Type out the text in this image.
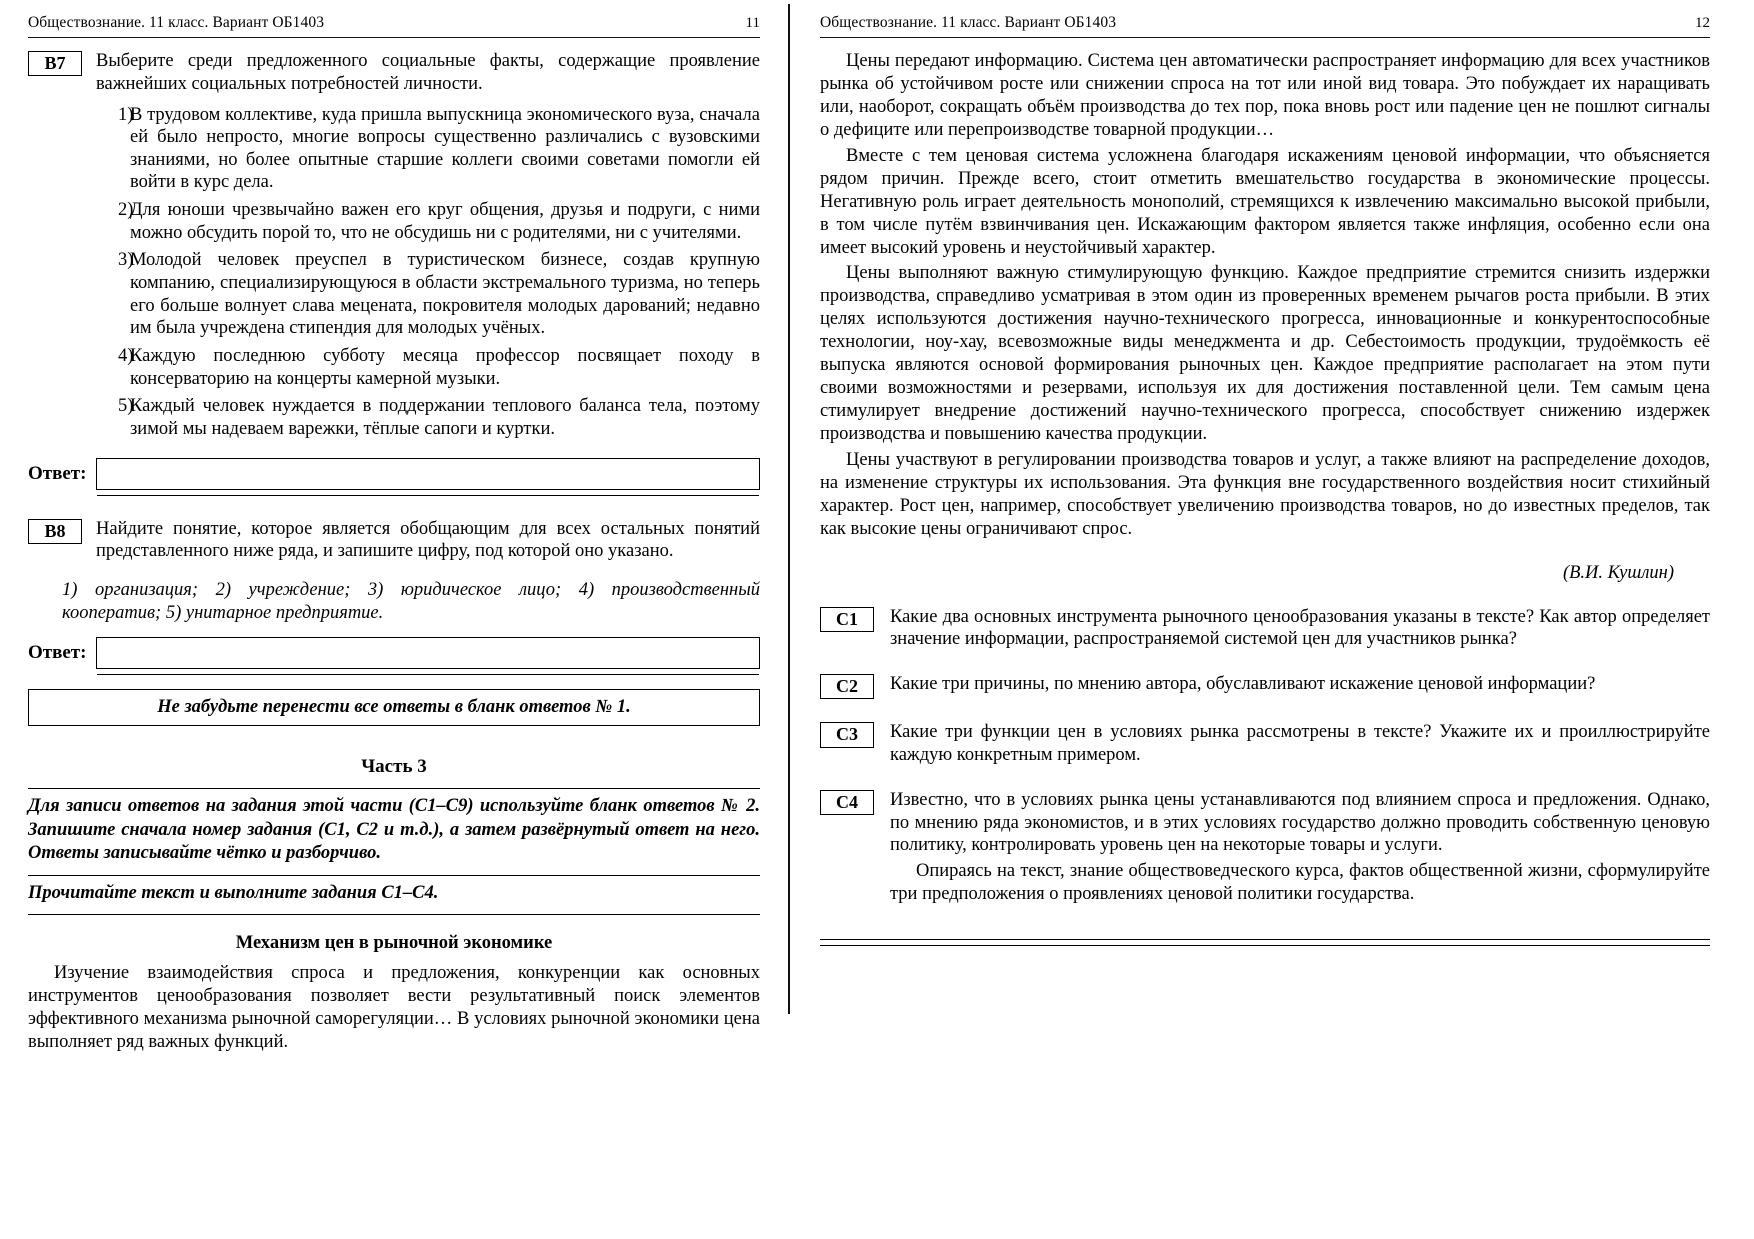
Обществознание. 11 класс. Вариант ОБ1403	11
В7	Выберите среди предложенного социальные факты, содержащие проявление важнейших социальных потребностей личности.
1)
В трудовом коллективе, куда пришла выпускница экономического вуза, сначала ей было непросто, многие вопросы существенно различались с вузовскими знаниями, но более опытные старшие коллеги своими советами помогли ей войти в курс дела.
2)
Для юноши чрезвычайно важен его круг общения, друзья и подруги, с ними можно обсудить порой то, что не обсудишь ни с родителями, ни с учителями.
3)
Молодой человек преуспел в туристическом бизнесе, создав крупную компанию, специализирующуюся в области экстремального туризма, но теперь его больше волнует слава мецената, покровителя молодых дарований; недавно им была учреждена стипендия для молодых учёных.
4)
Каждую последнюю субботу месяца профессор посвящает походу в консерваторию на концерты камерной музыки.
5)
Каждый человек нуждается в поддержании теплового баланса тела, поэтому зимой мы надеваем варежки, тёплые сапоги и куртки.
Ответ:
В8	Найдите понятие, которое является обобщающим для всех остальных понятий представленного ниже ряда, и запишите цифру, под которой оно указано.
1) организация; 2) учреждение; 3) юридическое лицо; 4) производственный кооператив; 5) унитарное предприятие.
Ответ:
Не забудьте перенести все ответы в бланк ответов № 1.
Часть 3
Для записи ответов на задания этой части (С1–С9) используйте бланк ответов № 2. Запишите сначала номер задания (С1, С2 и т.д.), а затем развёрнутый ответ на него. Ответы записывайте чётко и разборчиво.
Прочитайте текст и выполните задания С1–С4.
Механизм цен в рыночной экономике

Изучение взаимодействия спроса и предложения, конкуренции как основных инструментов ценообразования позволяет вести результативный поиск элементов эффективного механизма рыночной саморегуляции… В условиях рыночной экономики цена выполняет ряд важных функций.

Обществознание. 11 класс. Вариант ОБ1403	12

Цены передают информацию. Система цен автоматически распространяет информацию для всех участников рынка об устойчивом росте или снижении спроса на тот или иной вид товара. Это побуждает их наращивать или, наоборот, сокращать объём производства до тех пор, пока вновь рост или падение цен не пошлют сигналы о дефиците или перепроизводстве товарной продукции…

Вместе с тем ценовая система усложнена благодаря искажениям ценовой информации, что объясняется рядом причин. Прежде всего, стоит отметить вмешательство государства в экономические процессы. Негативную роль играет деятельность монополий, стремящихся к извлечению максимально высокой прибыли, в том числе путём взвинчивания цен. Искажающим фактором является также инфляция, особенно если она имеет высокий уровень и неустойчивый характер.

Цены выполняют важную стимулирующую функцию. Каждое предприятие стремится снизить издержки производства, справедливо усматривая в этом один из проверенных временем рычагов роста прибыли. В этих целях используются достижения научно-технического прогресса, инновационные и конкурентоспособные технологии, ноу-хау, всевозможные виды менеджмента и др. Себестоимость продукции, трудоёмкость её выпуска являются основой формирования рыночных цен. Каждое предприятие располагает на этом пути своими возможностями и резервами, используя их для достижения поставленной цели. Тем самым цена стимулирует внедрение достижений научно-технического прогресса, способствует снижению издержек производства и повышению качества продукции.

Цены участвуют в регулировании производства товаров и услуг, а также влияют на распределение доходов, на изменение структуры их использования. Эта функция вне государственного воздействия носит стихийный характер. Рост цен, например, способствует увеличению производства товаров, но до известных пределов, так как высокие цены ограничивают спрос.

(В.И. Кушлин)
С1	Какие два основных инструмента рыночного ценообразования указаны в тексте? Как автор определяет значение информации, распространяемой системой цен для участников рынка?
С2	Какие три причины, по мнению автора, обуславливают искажение ценовой информации?
С3	Какие три функции цен в условиях рынка рассмотрены в тексте? Укажите их и проиллюстрируйте каждую конкретным примером.
С4	Известно, что в условиях рынка цены устанавливаются под влиянием спроса и предложения. Однако, по мнению ряда экономистов, и в этих условиях государство должно проводить собственную ценовую политику, контролировать уровень цен на некоторые товары и услуги.

Опираясь на текст, знание обществоведческого курса, фактов общественной жизни, сформулируйте три предположения о проявлениях ценовой политики государства.
